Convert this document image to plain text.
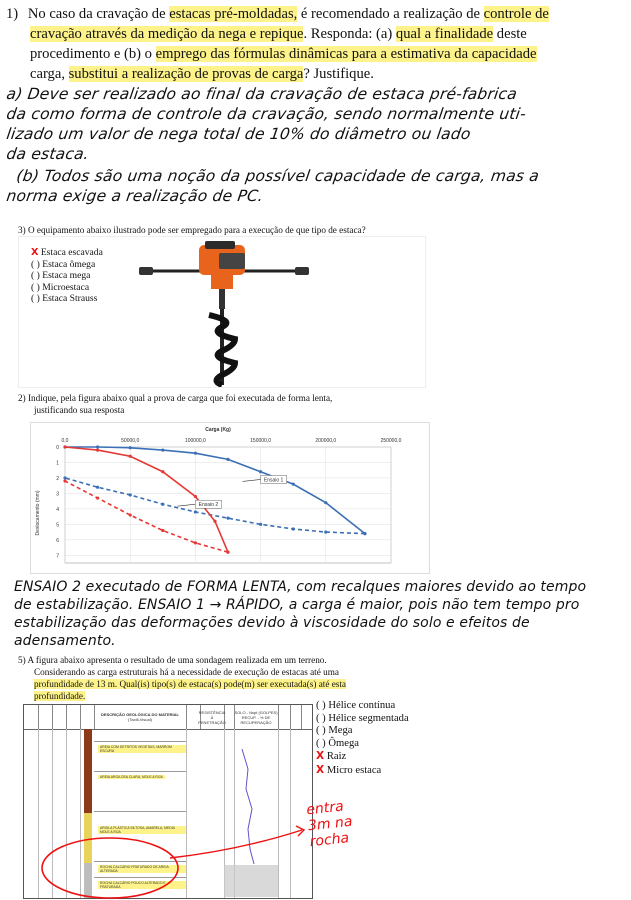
1) No caso da cravação de estacas pré-moldadas, é recomendado a realização de controle de
cravação através da medição da nega e repique. Responda: (a) qual a finalidade deste
procedimento e (b) o emprego das fórmulas dinâmicas para a estimativa da capacidade
carga, substitui a realização de provas de carga? Justifique.
a) Deve ser realizado ao final da cravação de estaca pré-fabrica
da como forma de controle da cravação, sendo normalmente uti-
lizado um valor de nega total de 10% do diâmetro ou lado
da estaca.
(b) Todos são uma noção da possível capacidade de carga, mas a
norma exige a realização de PC.
3) O equipamento abaixo ilustrado pode ser empregado para a execução de que tipo de estaca?
X Estaca escavada
( ) Estaca ômega
( ) Estaca mega
( ) Microestaca
( ) Estaca Strauss
2) Indique, pela figura abaixo qual a prova de carga que foi executada de forma lenta,
justificando sua resposta
Carga (Kg)
0,0	50000,0	100000,0	150000,0	200000,0	250000,0
0
1
2
3
4
5
6
7
Deslocamento (mm)
Ensaio 1
Ensaio 2
ENSAIO 2 executado de FORMA LENTA, com recalques maiores devido ao tempo
de estabilização. ENSAIO 1 → RÁPIDO, a carga é maior, pois não tem tempo pro
estabilização das deformações devido à viscosidade do solo e efeitos de
adensamento.
5) A figura abaixo apresenta o resultado de uma sondagem realizada em um terreno.
Considerando as carga estruturais há a necessidade de execução de estacas até uma
profundidade de 13 m. Qual(is) tipo(s) de estaca(s) pode(m) ser executada(s) até esta
profundidade.
DESCRIÇÃO GEOLÓGICA DO MATERIAL
(Tactil-Visual)
RESISTÊNCIA À PENETRAÇÃO
SOLO - Nspt (GOLPES)
RECUP. - % DE RECUPERAÇÃO
AREIA COM DETRITOS VEGETAIS, MARROM ESCURA
AREIA ARGILOSA CLARA, MOLE A RIJA
ARGILA PLÁSTICA SILTOSA, AMARELA, MEDIA MOLE A RIJA
ROCHA CALCÁRIO FRATURADO DE AREIA ALTERADA
ROCHA CALCÁRIO POUCO ALTERADO E FRATURADA
( ) Hélice contínua
( ) Hélice segmentada
( ) Mega
( ) Ômega
X Raiz
X Micro estaca
entra
3m na
rocha
